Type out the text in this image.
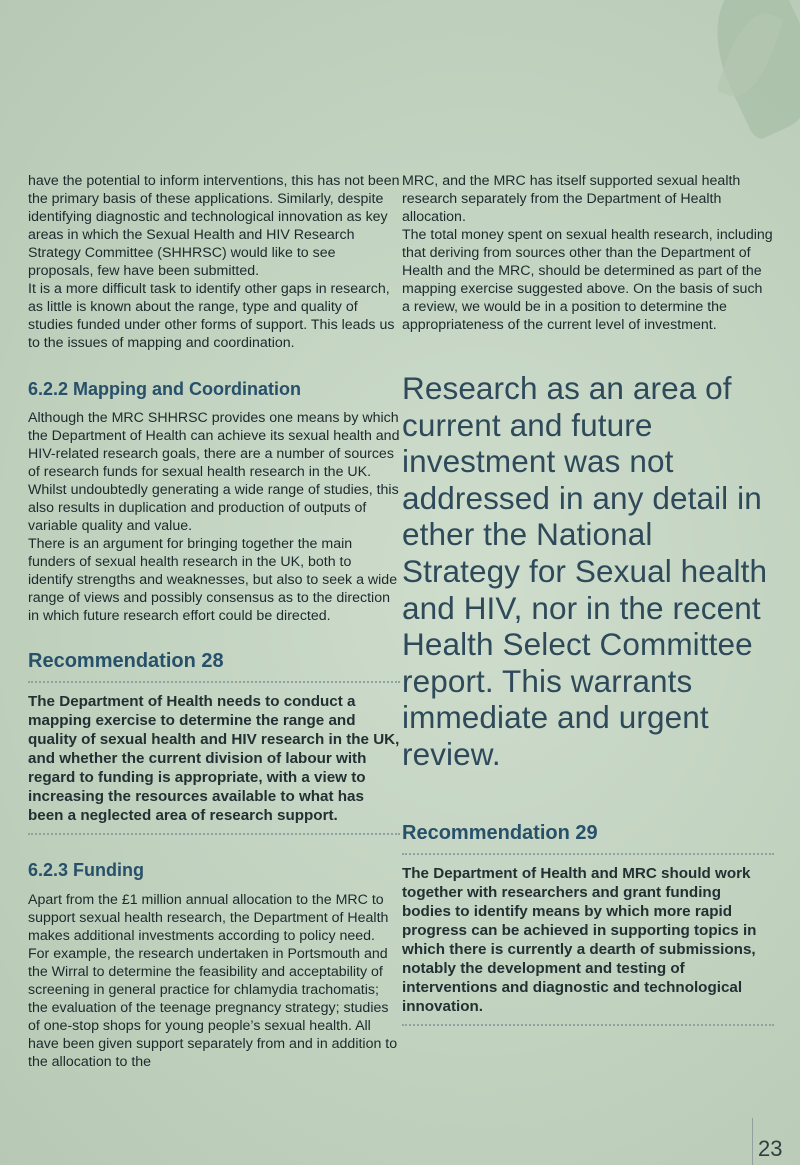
have the potential to inform interventions, this has not been the primary basis of these applications. Similarly, despite identifying diagnostic and technological innovation as key areas in which the Sexual Health and HIV Research Strategy Committee (SHHRSC) would like to see proposals, few have been submitted.

It is a more difficult task to identify other gaps in research, as little is known about the range, type and quality of studies funded under other forms of support. This leads us to the issues of mapping and coordination.

6.2.2 Mapping and Coordination

Although the MRC SHHRSC provides one means by which the Department of Health can achieve its sexual health and HIV-related research goals, there are a number of sources of research funds for sexual health research in the UK. Whilst undoubtedly generating a wide range of studies, this also results in duplication and production of outputs of variable quality and value.

There is an argument for bringing together the main funders of sexual health research in the UK, both to identify strengths and weaknesses, but also to seek a wide range of views and possibly consensus as to the direction in which future research effort could be directed.

Recommendation 28

The Department of Health needs to conduct a mapping exercise to determine the range and quality of sexual health and HIV research in the UK, and whether the current division of labour with regard to funding is appropriate, with a view to increasing the resources available to what has been a neglected area of research support.

6.2.3 Funding

Apart from the £1 million annual allocation to the MRC to support sexual health research, the Department of Health makes additional investments according to policy need. For example, the research undertaken in Portsmouth and the Wirral to determine the feasibility and acceptability of screening in general practice for chlamydia trachomatis; the evaluation of the teenage pregnancy strategy; studies of one-stop shops for young people’s sexual health. All have been given support separately from and in addition to the allocation to the

MRC, and the MRC has itself supported sexual health research separately from the Department of Health allocation.

The total money spent on sexual health research, including that deriving from sources other than the Department of Health and the MRC, should be determined as part of the mapping exercise suggested above. On the basis of such a review, we would be in a position to determine the appropriateness of the current level of investment.

Research as an area of current and future investment was not addressed in any detail in ether the National Strategy for Sexual health and HIV, nor in the recent Health Select Committee report. This warrants immediate and urgent review.

Recommendation 29

The Department of Health and MRC should work together with researchers and grant funding bodies to identify means by which more rapid progress can be achieved in supporting topics in which there is currently a dearth of submissions, notably the development and testing of interventions and diagnostic and technological innovation.

23
